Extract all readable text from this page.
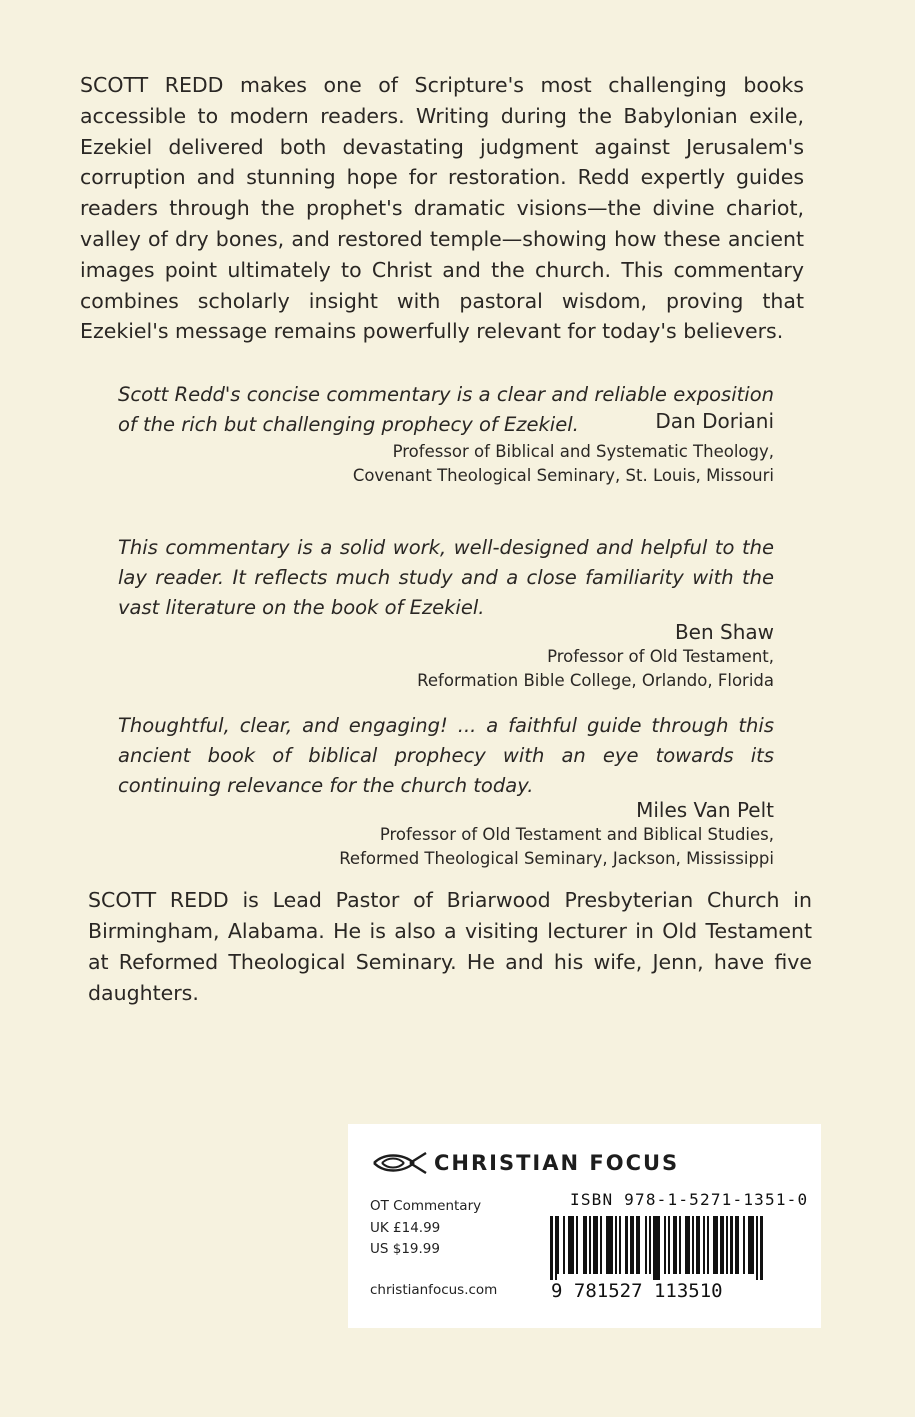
SCOTT REDD makes one of Scripture's most challenging books accessible to modern readers. Writing during the Babylonian exile, Ezekiel delivered both devastating judgment against Jerusalem's corruption and stunning hope for restoration. Redd expertly guides readers through the prophet's dramatic visions—the divine chariot, valley of dry bones, and restored temple—showing how these ancient images point ultimately to Christ and the church. This commentary combines scholarly insight with pastoral wisdom, proving that Ezekiel's message remains powerfully relevant for today's believers.

Scott Redd's concise commentary is a clear and reliable exposition of the rich but challenging prophecy of Ezekiel.	Dan Doriani

Professor of Biblical and Systematic Theology,

Covenant Theological Seminary, St. Louis, Missouri

This commentary is a solid work, well-designed and helpful to the lay reader. It reflects much study and a close familiarity with the vast literature on the book of Ezekiel.

Ben Shaw

Professor of Old Testament,

Reformation Bible College, Orlando, Florida

Thoughtful, clear, and engaging! ... a faithful guide through this ancient book of biblical prophecy with an eye towards its continuing relevance for the church today.

Miles Van Pelt

Professor of Old Testament and Biblical Studies,

Reformed Theological Seminary, Jackson, Mississippi

SCOTT REDD is Lead Pastor of Briarwood Presbyterian Church in Birmingham, Alabama. He is also a visiting lecturer in Old Testament at Reformed Theological Seminary. He and his wife, Jenn, have five daughters.

CHRISTIAN FOCUS
OT Commentary
UK £14.99
US $19.99
christianfocus.com
ISBN 978-1-5271-1351-0
9 781527 113510
